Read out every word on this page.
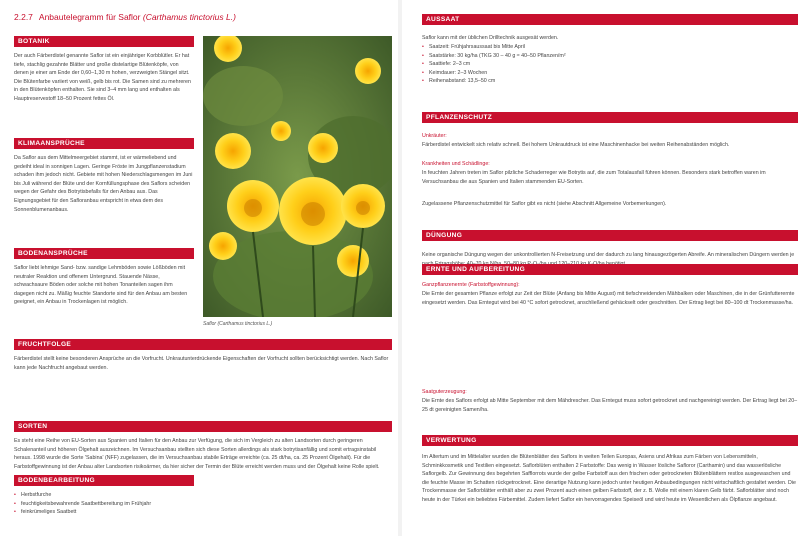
2.2.7 Anbautelegramm für Saflor (Carthamus tinctorius L.)
BOTANIK

Der auch Färberdistel genannte Saflor ist ein einjähriger Korbblütler. Er hat tiefe, stachlig gezahnte Blätter und große distelartige Blütenköpfe, von denen je einer am Ende der 0,60–1,30 m hohen, verzweigten Stängel sitzt. Die Blütenfarbe variiert von weiß, gelb bis rot. Die Samen sind zu mehreren in den Blütenköpfen enthalten. Sie sind 3–4 mm lang und enthalten als Hauptreservestoff 18–50 Prozent fettes Öl.

KLIMAANSPRÜCHE

Da Saflor aus dem Mittelmeergebiet stammt, ist er wärmeliebend und gedeiht ideal in sonnigen Lagen. Geringe Fröste im Jungpflanzenstadium schaden ihm jedoch nicht. Gebiete mit hohen Niederschlagsmengen im Juni bis Juli während der Blüte und der Kornfüllungsphase des Saflors scheiden wegen der Gefahr des Botrytisbefalls für den Anbau aus. Das Eignungsgebiet für den Safloranbau entspricht in etwa dem des Sonnenblumenanbaus.

BODENANSPRÜCHE

Saflor liebt lehmige Sand- bzw. sandige Lehmböden sowie Lößböden mit neutraler Reaktion und offenem Untergrund. Stauende Nässe, schwachsaure Böden oder solche mit hohen Tonanteilen sagen ihm dagegen nicht zu. Mäßig feuchte Standorte sind für den Anbau am besten geeignet, ein Anbau in Trockenlagen ist möglich.

Saflor (Carthamus tinctorius L.)
FRUCHTFOLGE

Färberdistel stellt keine besonderen Ansprüche an die Vorfrucht. Unkrautunterdrückende Eigenschaften der Vorfrucht sollten berücksichtigt werden. Nach Saflor kann jede Nachfrucht angebaut werden.

SORTEN

Es steht eine Reihe von EU-Sorten aus Spanien und Italien für den Anbau zur Verfügung, die sich im Vergleich zu alten Landsorten durch geringeren Schalenanteil und höheren Ölgehalt auszeichnen. Im Versuchsanbau stellten sich diese Sorten allerdings als stark botrytisanfällig und somit ertragsinstabil heraus. 1998 wurde die Sorte 'Sabina' (NFF) zugelassen, die im Versuchsanbau stabile Erträge erreichte (ca. 25 dt/ha, ca. 25 Prozent Ölgehalt). Für die Farbstoffgewinnung ist der Anbau alter Landsorten risikoärmer, da hier sicher der Termin der Blüte erreicht werden muss und der Ölgehalt keine Rolle spielt.

BODENBEARBEITUNG
• Herbstfurche
• feuchtigkeitsbewahrende Saatbettbereitung im Frühjahr
• feinkrümeliges Saatbett
AUSSAAT

Saflor kann mit der üblichen Drilltechnik ausgesät werden.

• Saatzeit: Frühjahrsaussaat bis Mitte April
• Saatstärke: 30 kg/ha (TKG 30 – 40 g ≈ 40–50 Pflanzen/m²
• Saattiefe: 2–3 cm
• Keimdauer: 2–3 Wochen
• Reihenabstand: 13,5–50 cm
PFLANZENSCHUTZ

Unkräuter:

Färberdistel entwickelt sich relativ schnell. Bei hohem Unkrautdruck ist eine Maschinenhacke bei weiten Reihenabständen möglich.

Krankheiten und Schädlinge:

In feuchten Jahren treten im Saflor pilzliche Schaderreger wie Botrytis auf, die zum Totalausfall führen können. Besonders stark betroffen waren im Versuchsanbau die aus Spanien und Italien stammenden EU-Sorten.

Zugelassene Pflanzenschutzmittel für Saflor gibt es nicht (siehe Abschnitt Allgemeine Vorbemerkungen).

DÜNGUNG

Keine organische Düngung wegen der unkontrollierten N-Freisetzung und der dadurch zu lang hinausgezögerten Abreife. An mineralischen Düngern werden je

ERNTE UND AUFBEREITUNG

Ganzpflanzenernte (Farbstoffgewinnung):

Die Ernte der gesamten Pflanze erfolgt zur Zeit der Blüte (Anfang bis Mitte August) mit tiefschneidenden Mähbalken oder Maschinen, die in der Grünfutterernte eingesetzt werden. Das Erntegut wird bei 40 °C sofort getrocknet, anschließend gehäckselt oder geschnitten. Der Ertrag liegt bei 80–100 dt Trockenmasse/ha.

Saatguterzeugung:

Die Ernte des Saflors erfolgt ab Mitte September mit dem Mähdrescher. Das Erntegut muss sofort getrocknet und nachgereinigt werden. Der Ertrag liegt bei 20–25 dt gereinigten Samen/ha.

VERWERTUNG

Im Altertum und im Mittelalter wurden die Blütenblätter des Saflors in weiten Teilen Europas, Asiens und Afrikas zum Färben von Lebensmitteln, Schminkkosmetik und Textilien eingesetzt. Saflorblüten enthalten 2 Farbstoffe: Das wenig in Wasser lösliche Safloror (Carthamin) und das wasserlösliche Saflorgelb. Zur Gewinnung des begehrten Safflorrots wurde der gelbe Farbstoff aus den frischen oder getrockneten Blütenblättern restlos ausgewaschen und die feuchte Masse im Schatten rückgetrocknet. Eine derartige Nutzung kann jedoch unter heutigen Anbaubedingungen nicht wirtschaftlich gestaltet werden. Die Trockenmasse der Saflorblätter enthält aber zu zwei Prozent auch einen gelben Farbstoff, der z. B. Wolle mit einem klaren Gelb färbt. Saflorblätter sind noch heute in der Türkei ein beliebtes Färbemittel. Zudem liefert Saflor ein hervorragendes Speiseöl und wird heute im Wesentlichen als Ölpflanze angebaut.
